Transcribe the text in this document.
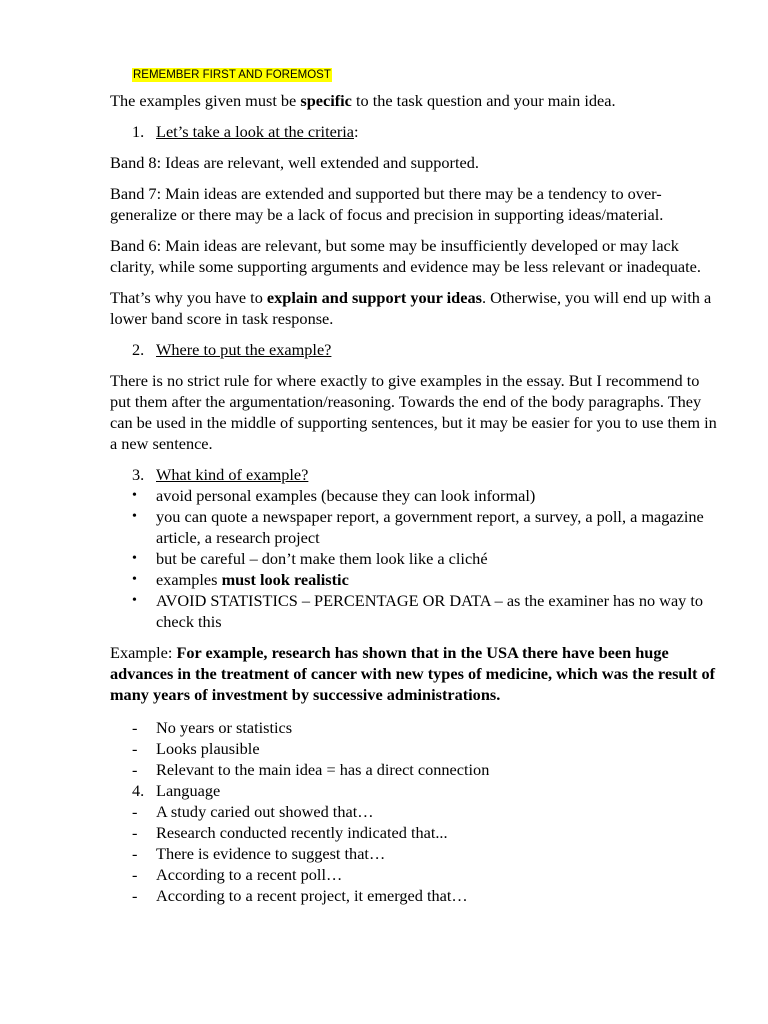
REMEMBER FIRST AND FOREMOST

The examples given must be specific to the task question and your main idea.

1. Let’s take a look at the criteria:

Band 8: Ideas are relevant, well extended and supported.

Band 7: Main ideas are extended and supported but there may be a tendency to over-generalize or there may be a lack of focus and precision in supporting ideas/material.

Band 6: Main ideas are relevant, but some may be insufficiently developed or may lack clarity, while some supporting arguments and evidence may be less relevant or inadequate.

That’s why you have to explain and support your ideas. Otherwise, you will end up with a lower band score in task response.

2. Where to put the example?

There is no strict rule for where exactly to give examples in the essay. But I recommend to put them after the argumentation/reasoning. Towards the end of the body paragraphs. They can be used in the middle of supporting sentences, but it may be easier for you to use them in a new sentence.

3. What kind of example?
• avoid personal examples (because they can look informal)
• you can quote a newspaper report, a government report, a survey, a poll, a magazine article, a research project
• but be careful – don’t make them look like a cliché
• examples must look realistic
• AVOID STATISTICS – PERCENTAGE OR DATA – as the examiner has no way to check this

Example: For example, research has shown that in the USA there have been huge advances in the treatment of cancer with new types of medicine, which was the result of many years of investment by successive administrations.

- No years or statistics
- Looks plausible
- Relevant to the main idea = has a direct connection
4. Language
- A study caried out showed that…
- Research conducted recently indicated that...
- There is evidence to suggest that…
- According to a recent poll…
- According to a recent project, it emerged that…
